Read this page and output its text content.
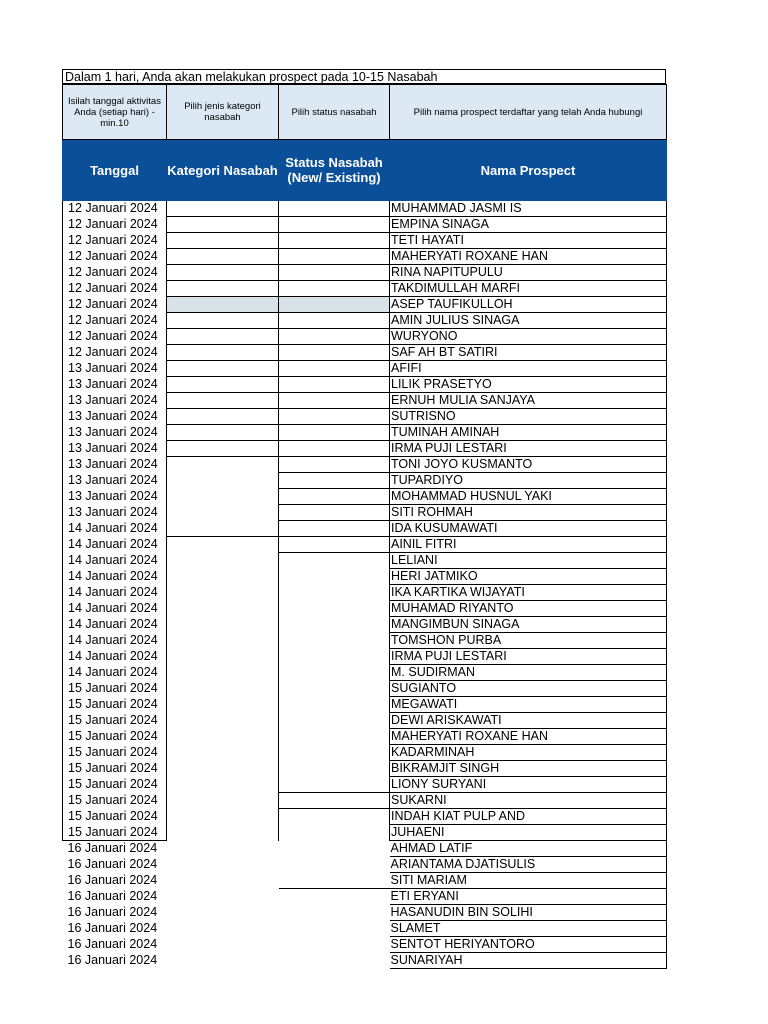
Dalam 1 hari, Anda akan melakukan prospect pada 10-15 Nasabah
Isilah tanggal aktivitas Anda (setiap hari) - min.10	Pilih jenis kategori nasabah	Pilih status nasabah	Pilih nama prospect terdaftar yang telah Anda hubungi
Tanggal	Kategori Nasabah	Status Nasabah (New/ Existing)	Nama Prospect
12 Januari 2024			MUHAMMAD JASMI IS
12 Januari 2024			EMPINA SINAGA
12 Januari 2024			TETI HAYATI
12 Januari 2024			MAHERYATI ROXANE HAN
12 Januari 2024			RINA NAPITUPULU
12 Januari 2024			TAKDIMULLAH MARFI
12 Januari 2024			ASEP TAUFIKULLOH
12 Januari 2024			AMIN JULIUS SINAGA
12 Januari 2024			WURYONO
12 Januari 2024			SAF AH BT SATIRI
13 Januari 2024			AFIFI
13 Januari 2024			LILIK PRASETYO
13 Januari 2024			ERNUH MULIA SANJAYA
13 Januari 2024			SUTRISNO
13 Januari 2024			TUMINAH AMINAH
13 Januari 2024			IRMA PUJI LESTARI
13 Januari 2024			TONI JOYO KUSMANTO
13 Januari 2024			TUPARDIYO
13 Januari 2024			MOHAMMAD HUSNUL YAKI
13 Januari 2024			SITI ROHMAH
14 Januari 2024			IDA KUSUMAWATI
14 Januari 2024			AINIL FITRI
14 Januari 2024			LELIANI
14 Januari 2024			HERI JATMIKO
14 Januari 2024			IKA KARTIKA WIJAYATI
14 Januari 2024			MUHAMAD RIYANTO
14 Januari 2024			MANGIMBUN SINAGA
14 Januari 2024			TOMSHON PURBA
14 Januari 2024			IRMA PUJI LESTARI
14 Januari 2024			M. SUDIRMAN
15 Januari 2024			SUGIANTO
15 Januari 2024			MEGAWATI
15 Januari 2024			DEWI ARISKAWATI
15 Januari 2024			MAHERYATI ROXANE HAN
15 Januari 2024			KADARMINAH
15 Januari 2024			BIKRAMJIT SINGH
15 Januari 2024			LIONY SURYANI
15 Januari 2024			SUKARNI
15 Januari 2024			INDAH KIAT PULP AND
15 Januari 2024			JUHAENI
16 Januari 2024			AHMAD LATIF
16 Januari 2024			ARIANTAMA DJATISULIS
16 Januari 2024			SITI MARIAM
16 Januari 2024			ETI ERYANI
16 Januari 2024			HASANUDIN BIN SOLIHI
16 Januari 2024			SLAMET
16 Januari 2024			SENTOT HERIYANTORO
16 Januari 2024			SUNARIYAH
